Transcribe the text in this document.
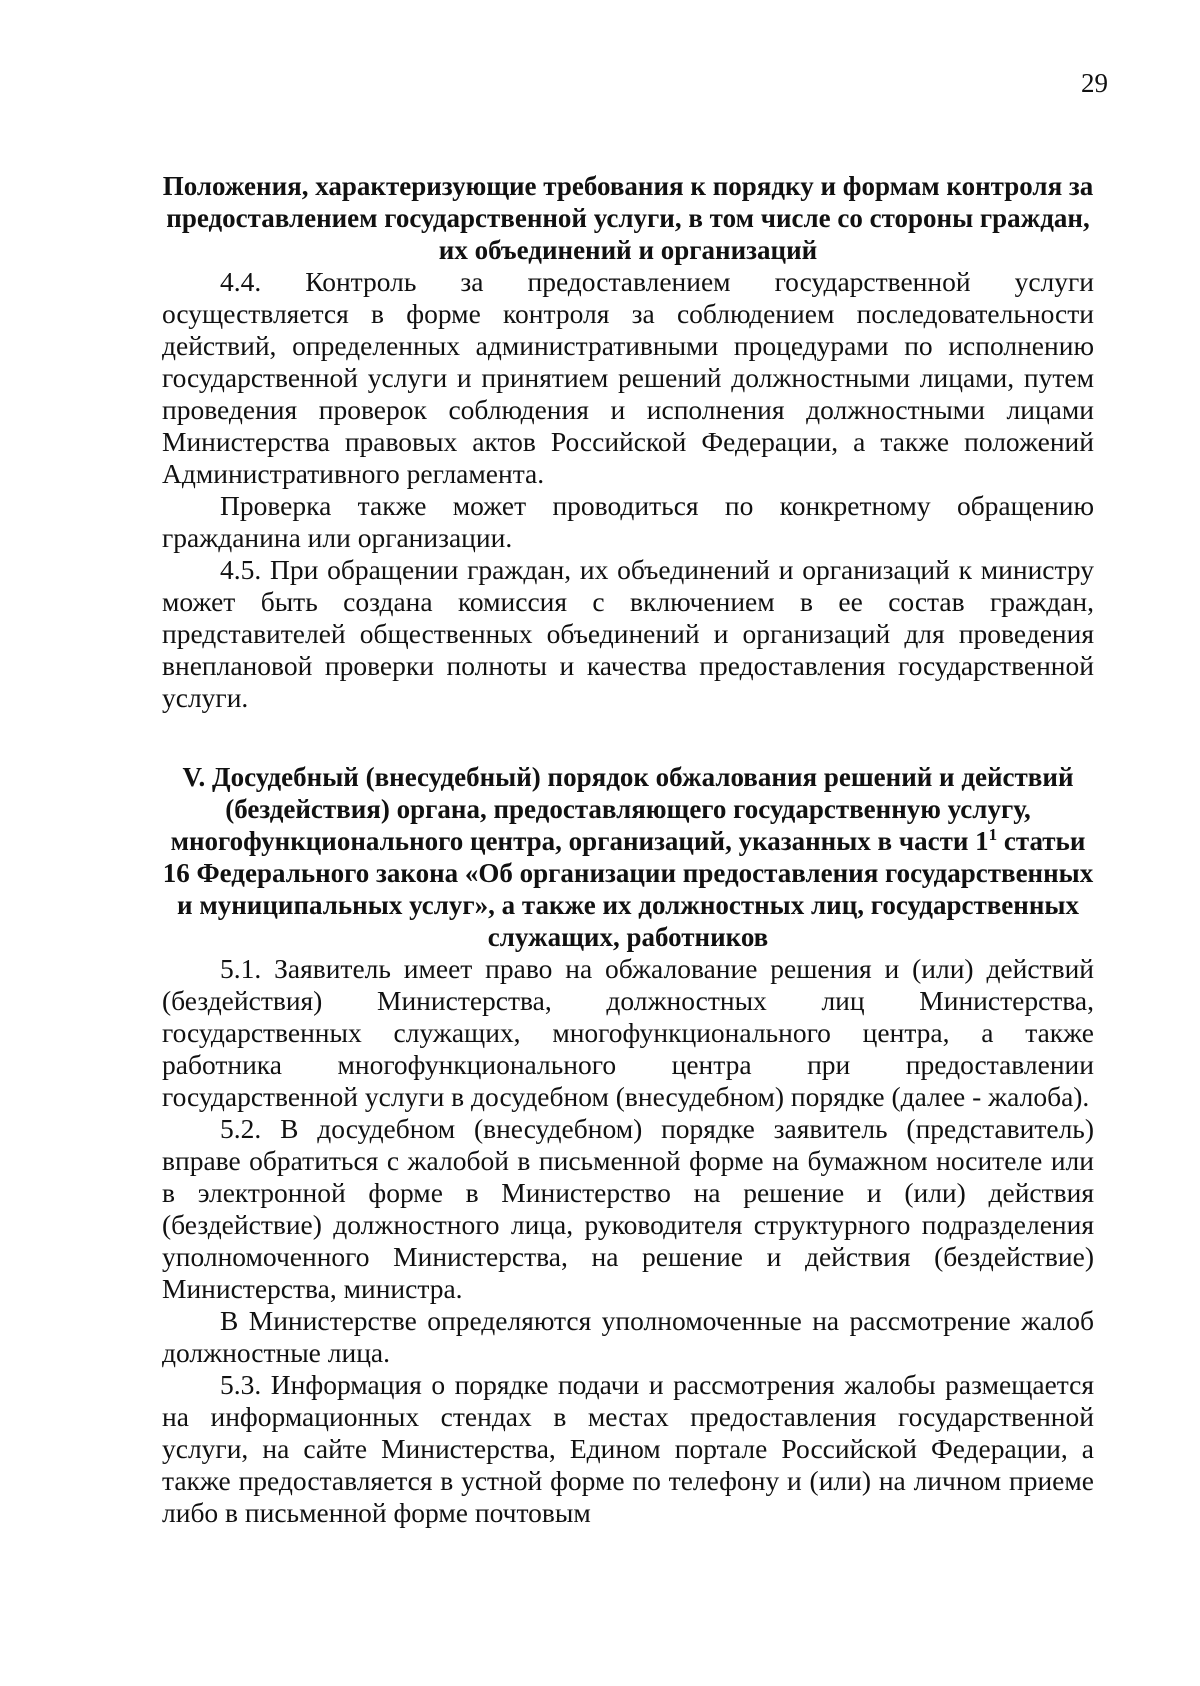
29
Положения, характеризующие требования к порядку и формам контроля за предоставлением государственной услуги, в том числе со стороны граждан, их объединений и организаций

4.4. Контроль за предоставлением государственной услуги осуществляется в форме контроля за соблюдением последовательности действий, определенных административными процедурами по исполнению государственной услуги и принятием решений должностными лицами, путем проведения проверок соблюдения и исполнения должностными лицами Министерства правовых актов Российской Федерации, а также положений Административного регламента.

Проверка также может проводиться по конкретному обращению гражданина или организации.

4.5. При обращении граждан, их объединений и организаций к министру может быть создана комиссия с включением в ее состав граждан, представителей общественных объединений и организаций для проведения внеплановой проверки полноты и качества предоставления государственной услуги.

V. Досудебный (внесудебный) порядок обжалования решений и действий (бездействия) органа, предоставляющего государственную услугу, многофункционального центра, организаций, указанных в части $1^1$ статьи 16 Федерального закона «Об организации предоставления государственных и муниципальных услуг», а также их должностных лиц, государственных служащих, работников

5.1. Заявитель имеет право на обжалование решения и (или) действий (бездействия) Министерства, должностных лиц Министерства, государственных служащих, многофункционального центра, а также работника многофункционального центра при предоставлении государственной услуги в досудебном (внесудебном) порядке (далее - жалоба).

5.2. В досудебном (внесудебном) порядке заявитель (представитель) вправе обратиться с жалобой в письменной форме на бумажном носителе или в электронной форме в Министерство на решение и (или) действия (бездействие) должностного лица, руководителя структурного подразделения уполномоченного Министерства, на решение и действия (бездействие) Министерства, министра.

В Министерстве определяются уполномоченные на рассмотрение жалоб должностные лица.

5.3. Информация о порядке подачи и рассмотрения жалобы размещается на информационных стендах в местах предоставления государственной услуги, на сайте Министерства, Едином портале Российской Федерации, а также предоставляется в устной форме по телефону и (или) на личном приеме либо в письменной форме почтовым
